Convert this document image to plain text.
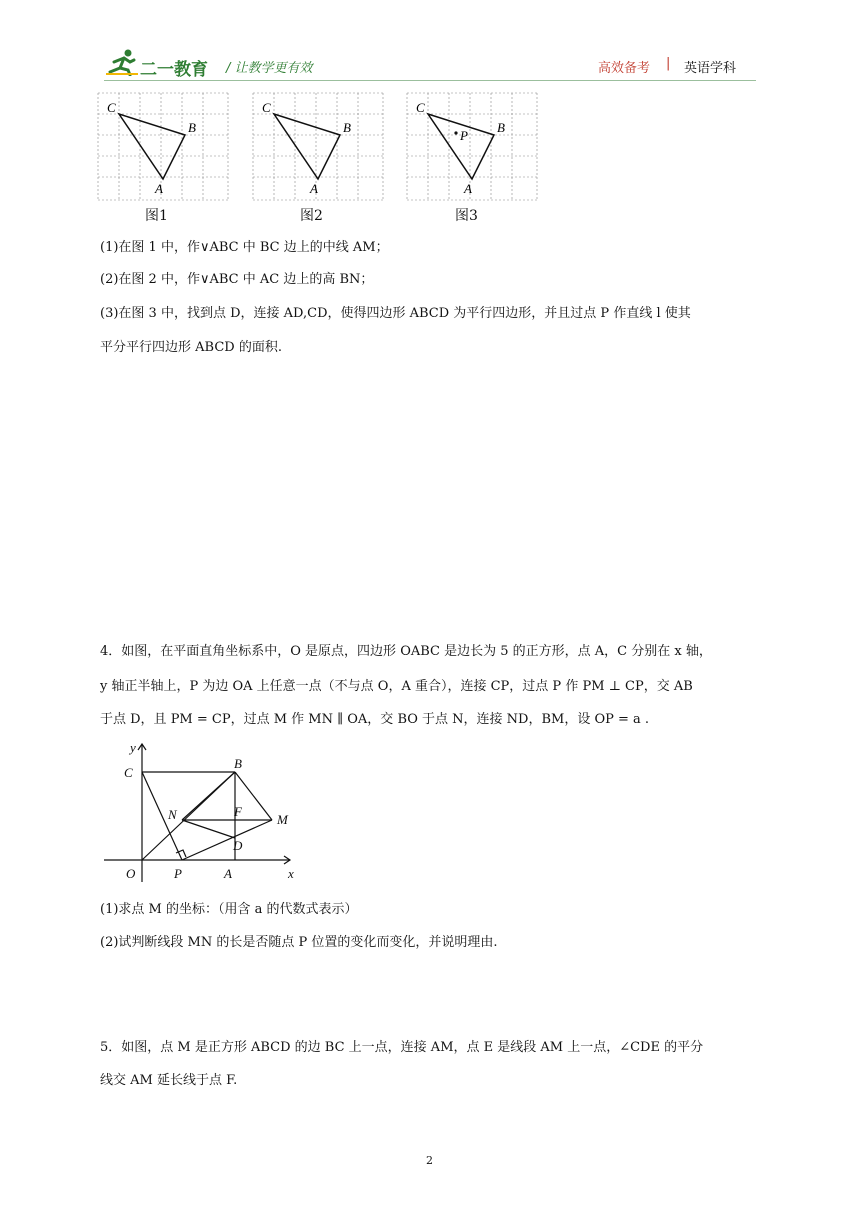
二一教育 / 让教学更有效	高效备考 | 英语学科
C
B
A
图1
C
B
A
图2
C
B
A
P
图3
(1)在图 1 中，作∨ABC 中 BC 边上的中线 AM；
(2)在图 2 中，作∨ABC 中 AC 边上的高 BN；
(3)在图 3 中，找到点 D，连接 AD,CD，使得四边形 ABCD 为平行四边形，并且过点 P 作直线 l 使其
平分平行四边形 ABCD 的面积.
4．如图，在平面直角坐标系中，O 是原点，四边形 OABC 是边长为 5 的正方形，点 A，C 分别在 x 轴，
y 轴正半轴上，P 为边 OA 上任意一点（不与点 O，A 重合），连接 CP，过点 P 作 PM ⊥ CP，交 AB
于点 D，且 PM = CP，过点 M 作 MN ∥ OA，交 BO 于点 N，连接 ND，BM，设 OP = a .
y
x
C
B
N	F
M
D
O	P	A
(1)求点 M 的坐标：（用含 a 的代数式表示）
(2)试判断线段 MN 的长是否随点 P 位置的变化而变化，并说明理由.
5．如图，点 M 是正方形 ABCD 的边 BC 上一点，连接 AM，点 E 是线段 AM 上一点，∠CDE 的平分
线交 AM 延长线于点 F.
2
